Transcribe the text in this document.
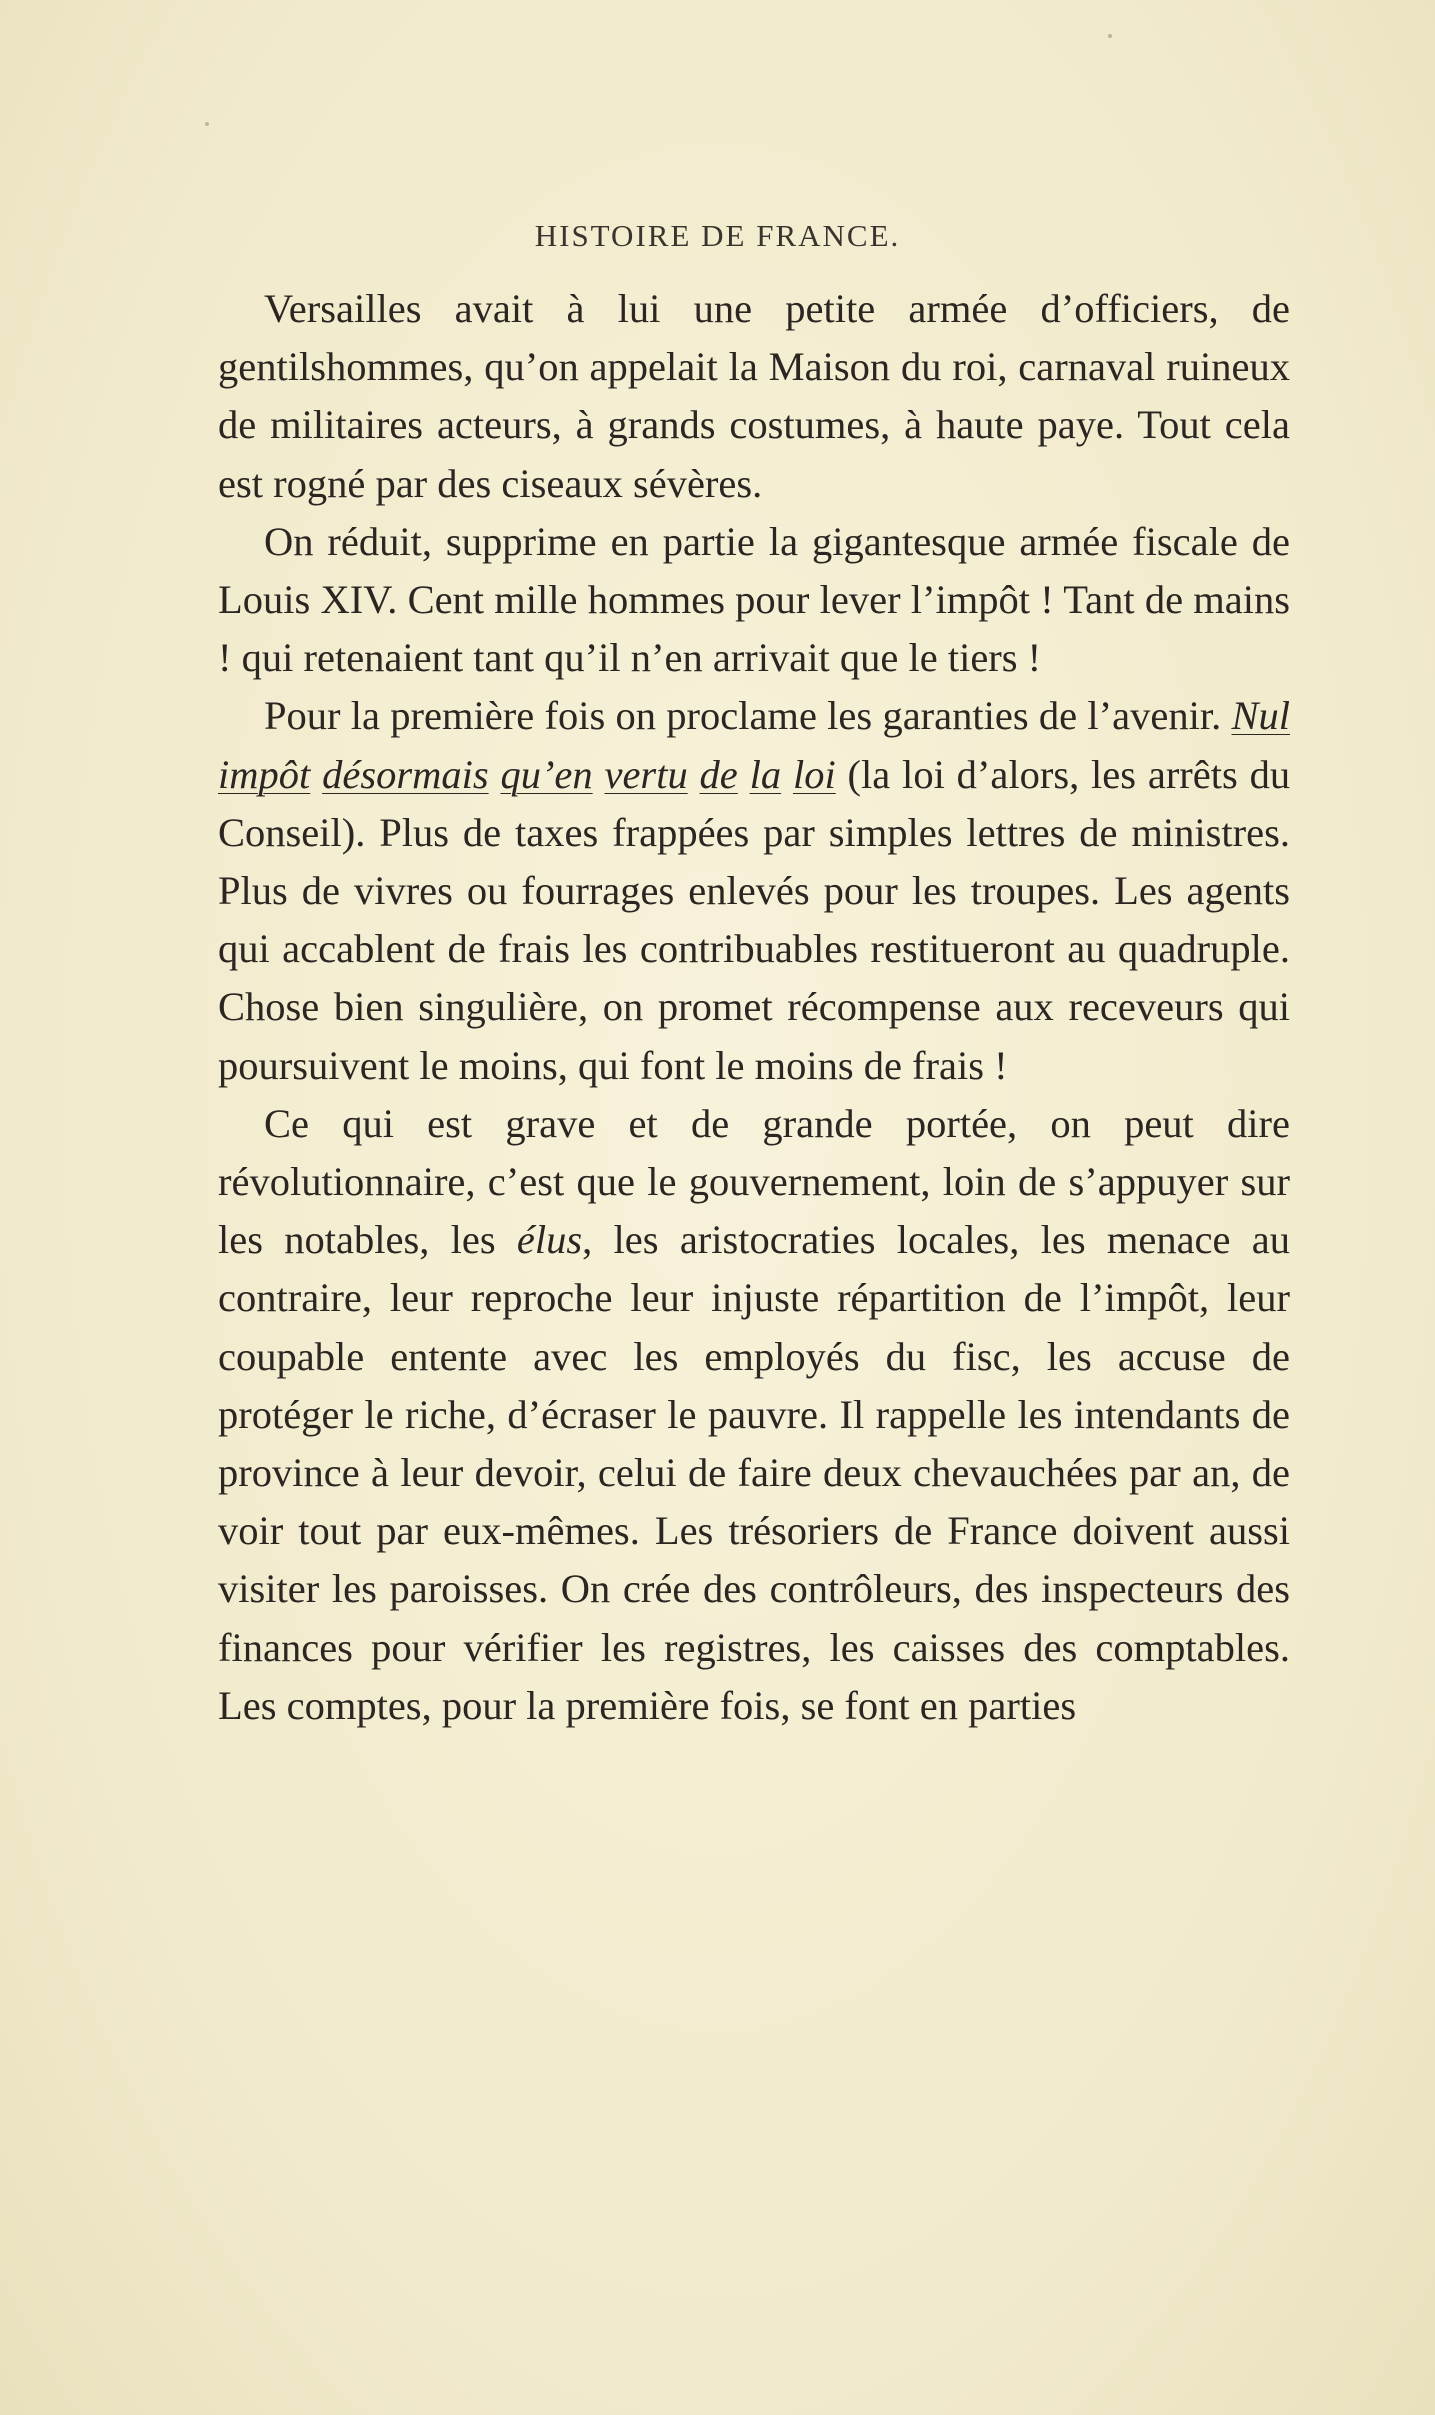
HISTOIRE DE FRANCE.

Versailles avait à lui une petite armée d’officiers, de gentilshommes, qu’on appelait la Maison du roi, carnaval ruineux de militaires acteurs, à grands costumes, à haute paye. Tout cela est rogné par des ciseaux sévères.

On réduit, supprime en partie la gigantesque armée fiscale de Louis XIV. Cent mille hommes pour lever l’impôt ! Tant de mains ! qui retenaient tant qu’il n’en arrivait que le tiers !

Pour la première fois on proclame les garanties de l’avenir. Nul impôt désormais qu’en vertu de la loi (la loi d’alors, les arrêts du Conseil). Plus de taxes frappées par simples lettres de ministres. Plus de vivres ou fourrages enlevés pour les troupes. Les agents qui accablent de frais les contribuables restitueront au quadruple. Chose bien singulière, on promet récompense aux receveurs qui poursuivent le moins, qui font le moins de frais !

Ce qui est grave et de grande portée, on peut dire révolutionnaire, c’est que le gouvernement, loin de s’appuyer sur les notables, les élus, les aristocraties locales, les menace au contraire, leur reproche leur injuste répartition de l’impôt, leur coupable entente avec les employés du fisc, les accuse de protéger le riche, d’écraser le pauvre. Il rappelle les intendants de province à leur devoir, celui de faire deux chevauchées par an, de voir tout par eux-mêmes. Les trésoriers de France doivent aussi visiter les paroisses. On crée des contrôleurs, des inspecteurs des finances pour vérifier les registres, les caisses des comptables. Les comptes, pour la première fois, se font en parties
